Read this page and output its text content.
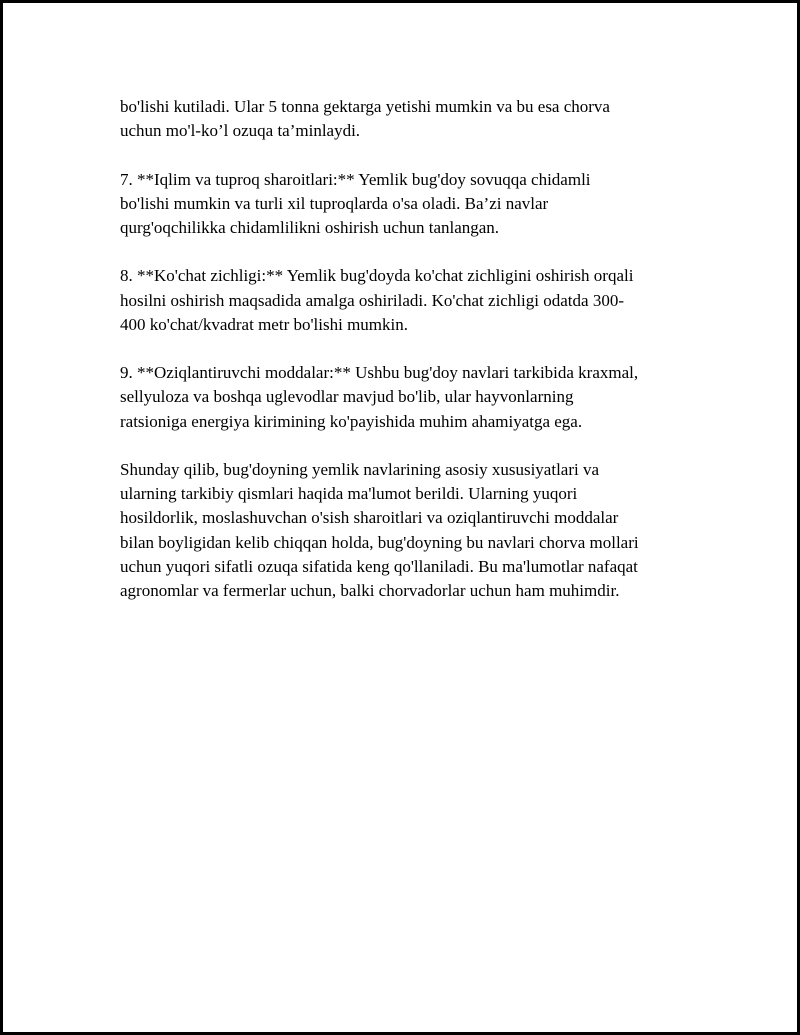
bo'lishi kutiladi. Ular 5 tonna gektarga yetishi mumkin va bu esa chorva
uchun mo'l-ko’l ozuqa ta’minlaydi.

7. **Iqlim va tuproq sharoitlari:** Yemlik bug'doy sovuqqa chidamli
bo'lishi mumkin va turli xil tuproqlarda o'sa oladi. Ba’zi navlar
qurg'oqchilikka chidamlilikni oshirish uchun tanlangan.

8. **Ko'chat zichligi:** Yemlik bug'doyda ko'chat zichligini oshirish orqali
hosilni oshirish maqsadida amalga oshiriladi. Ko'chat zichligi odatda 300-
400 ko'chat/kvadrat metr bo'lishi mumkin.

9. **Oziqlantiruvchi moddalar:** Ushbu bug'doy navlari tarkibida kraxmal,
sellyuloza va boshqa uglevodlar mavjud bo'lib, ular hayvonlarning
ratsioniga energiya kirimining ko'payishida muhim ahamiyatga ega.

Shunday qilib, bug'doyning yemlik navlarining asosiy xususiyatlari va
ularning tarkibiy qismlari haqida ma'lumot berildi. Ularning yuqori
hosildorlik, moslashuvchan o'sish sharoitlari va oziqlantiruvchi moddalar
bilan boyligidan kelib chiqqan holda, bug'doyning bu navlari chorva mollari
uchun yuqori sifatli ozuqa sifatida keng qo'llaniladi. Bu ma'lumotlar nafaqat
agronomlar va fermerlar uchun, balki chorvadorlar uchun ham muhimdir.
